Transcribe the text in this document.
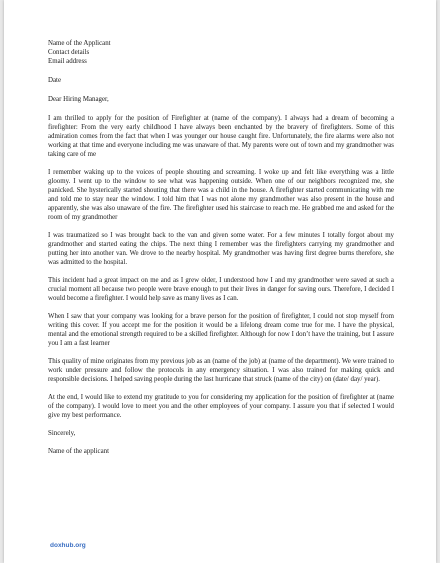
Name of the Applicant

Contact details

Email address

Date

Dear Hiring Manager,

I am thrilled to apply for the position of Firefighter at (name of the company). I always had a dream of becoming a firefighter: From the very early childhood I have always been enchanted by the bravery of firefighters. Some of this admiration comes from the fact that when I was younger our house caught fire. Unfortunately, the fire alarms were also not working at that time and everyone including me was unaware of that. My parents were out of town and my grandmother was taking care of me

I remember waking up to the voices of people shouting and screaming. I woke up and felt like everything was a little gloomy. I went up to the window to see what was happening outside. When one of our neighbors recognized me, she panicked. She hysterically started shouting that there was a child in the house. A firefighter started communicating with me and told me to stay near the window. I told him that I was not alone my grandmother was also present in the house and apparently, she was also unaware of the fire. The firefighter used his staircase to reach me. He grabbed me and asked for the room of my grandmother

I was traumatized so I was brought back to the van and given some water. For a few minutes I totally forgot about my grandmother and started eating the chips. The next thing I remember was the firefighters carrying my grandmother and putting her into another van. We drove to the nearby hospital. My grandmother was having first degree burns therefore, she was admitted to the hospital.

This incident had a great impact on me and as I grew older, I understood how I and my grandmother were saved at such a crucial moment all because two people were brave enough to put their lives in danger for saving ours. Therefore, I decided I would become a firefighter. I would help save as many lives as I can.

When I saw that your company was looking for a brave person for the position of firefighter, I could not stop myself from writing this cover. If you accept me for the position it would be a lifelong dream come true for me. I have the physical, mental and the emotional strength required to be a skilled firefighter. Although for now I don’t have the training, but I assure you I am a fast learner

This quality of mine originates from my previous job as an (name of the job) at (name of the department). We were trained to work under pressure and follow the protocols in any emergency situation. I was also trained for making quick and responsible decisions. I helped saving people during the last hurricane that struck (name of the city) on (date/ day/ year).

At the end, I would like to extend my gratitude to you for considering my application for the position of firefighter at (name of the company). I would love to meet you and the other employees of your company. I assure you that if selected I would give my best performance.

Sincerely,

Name of the applicant

doxhub.org
